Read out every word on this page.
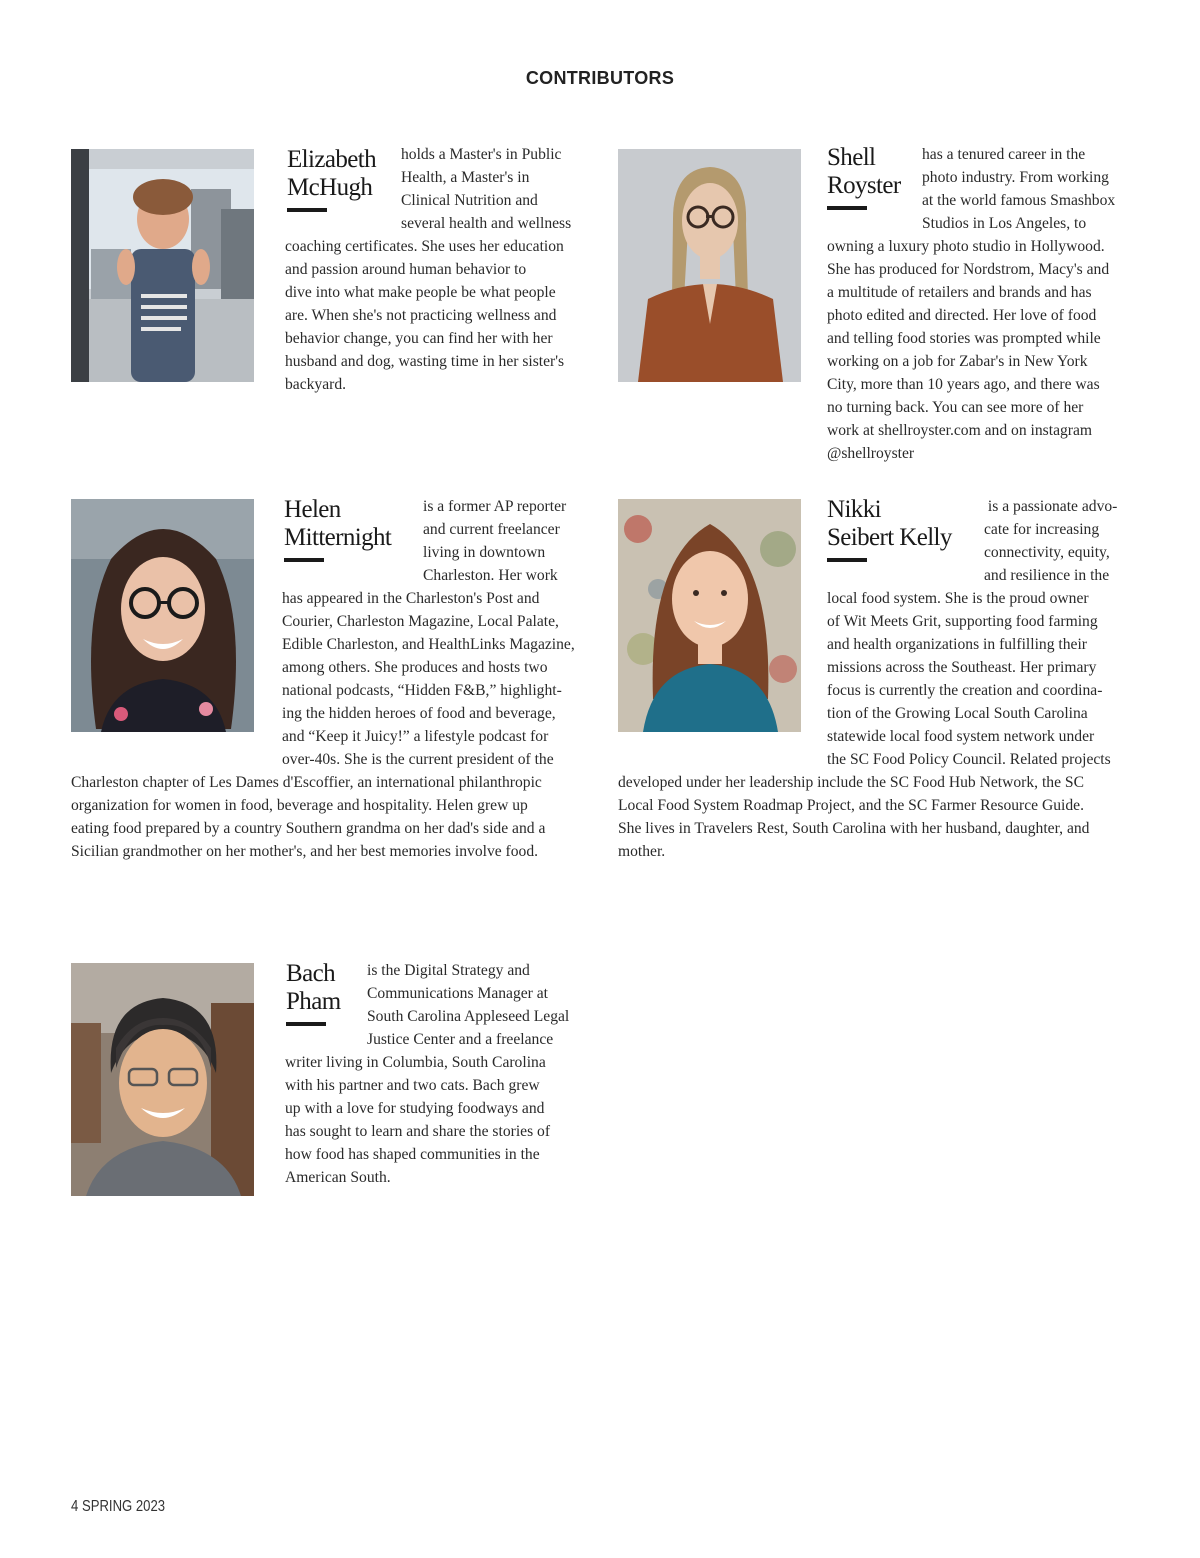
CONTRIBUTORS
Elizabeth
McHugh
holds a Master's in Public
Health, a Master's in
Clinical Nutrition and
several health and wellness
coaching certificates. She uses her education
and passion around human behavior to
dive into what make people be what people
are. When she's not practicing wellness and
behavior change, you can find her with her
husband and dog, wasting time in her sister's
backyard.
Shell
Royster
has a tenured career in the
photo industry. From working
at the world famous Smashbox
Studios in Los Angeles, to
owning a luxury photo studio in Hollywood.
She has produced for Nordstrom, Macy's and
a multitude of retailers and brands and has
photo edited and directed. Her love of food
and telling food stories was prompted while
working on a job for Zabar's in New York
City, more than 10 years ago, and there was
no turning back. You can see more of her
work at shellroyster.com and on instagram
@shellroyster
Helen
Mitternight
is a former AP reporter
and current freelancer
living in downtown
Charleston. Her work
has appeared in the Charleston's Post and
Courier, Charleston Magazine, Local Palate,
Edible Charleston, and HealthLinks Magazine,
among others. She produces and hosts two
national podcasts, “Hidden F&B,” highlight-
ing the hidden heroes of food and beverage,
and “Keep it Juicy!” a lifestyle podcast for
over-40s. She is the current president of the
Charleston chapter of Les Dames d'Escoffier, an international philanthropic
organization for women in food, beverage and hospitality. Helen grew up
eating food prepared by a country Southern grandma on her dad's side and a
Sicilian grandmother on her mother's, and her best memories involve food.
Nikki
Seibert Kelly
is a passionate advo-
cate for increasing
connectivity, equity,
and resilience in the
local food system. She is the proud owner
of Wit Meets Grit, supporting food farming
and health organizations in fulfilling their
missions across the Southeast. Her primary
focus is currently the creation and coordina-
tion of the Growing Local South Carolina
statewide local food system network under
the SC Food Policy Council. Related projects
developed under her leadership include the SC Food Hub Network, the SC
Local Food System Roadmap Project, and the SC Farmer Resource Guide.
She lives in Travelers Rest, South Carolina with her husband, daughter, and
mother.
Bach
Pham
is the Digital Strategy and
Communications Manager at
South Carolina Appleseed Legal
Justice Center and a freelance
writer living in Columbia, South Carolina
with his partner and two cats. Bach grew
up with a love for studying foodways and
has sought to learn and share the stories of
how food has shaped communities in the
American South.
4 SPRING 2023
